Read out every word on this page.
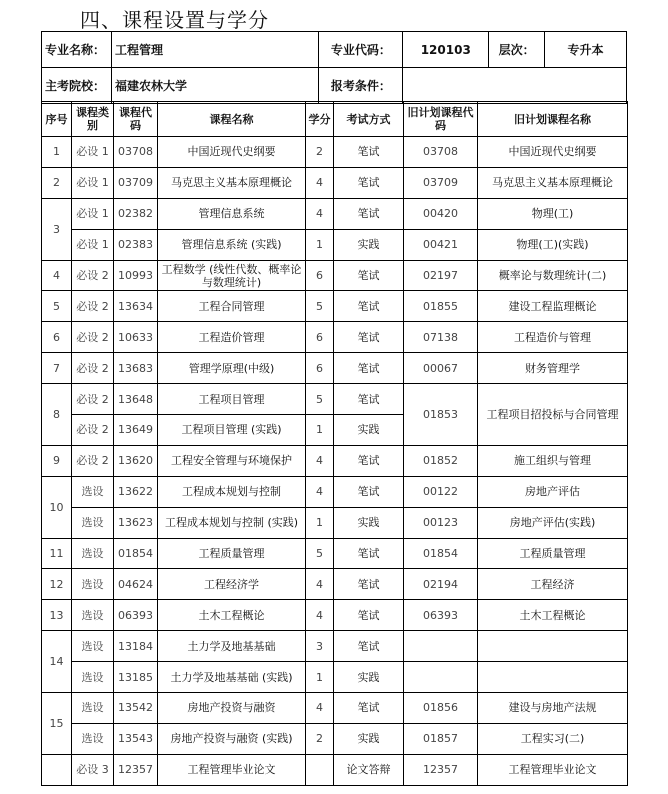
四、课程设置与学分
专业名称：	工程管理	专业代码：	120103	层次：	专升本
主考院校：	福建农林大学	报考条件：			
序号	课程类别	课程代码	课程名称	学分	考试方式	旧计划课程代码	旧计划课程名称
1	必设 1	03708	中国近现代史纲要	2	笔试	03708	中国近现代史纲要
2	必设 1	03709	马克思主义基本原理概论	4	笔试	03709	马克思主义基本原理概论
3	必设 1	02382	管理信息系统	4	笔试	00420	物理(工)
	必设 1	02383	管理信息系统 (实践)	1	实践	00421	物理(工)(实践)
4	必设 2	10993	工程数学 (线性代数、概率论与数理统计)	6	笔试	02197	概率论与数理统计(二)
5	必设 2	13634	工程合同管理	5	笔试	01855	建设工程监理概论
6	必设 2	10633	工程造价管理	6	笔试	07138	工程造价与管理
7	必设 2	13683	管理学原理(中级)	6	笔试	00067	财务管理学
8	必设 2	13648	工程项目管理	5	笔试	01853	工程项目招投标与合同管理
	必设 2	13649	工程项目管理 (实践)	1	实践		
9	必设 2	13620	工程安全管理与环境保护	4	笔试	01852	施工组织与管理
10	选设	13622	工程成本规划与控制	4	笔试	00122	房地产评估
	选设	13623	工程成本规划与控制 (实践)	1	实践	00123	房地产评估(实践)
11	选设	01854	工程质量管理	5	笔试	01854	工程质量管理
12	选设	04624	工程经济学	4	笔试	02194	工程经济
13	选设	06393	土木工程概论	4	笔试	06393	土木工程概论
14	选设	13184	土力学及地基基础	3	笔试		
	选设	13185	土力学及地基基础 (实践)	1	实践		
15	选设	13542	房地产投资与融资	4	笔试	01856	建设与房地产法规
	选设	13543	房地产投资与融资 (实践)	2	实践	01857	工程实习(二)
	必设 3	12357	工程管理毕业论文		论文答辩	12357	工程管理毕业论文
